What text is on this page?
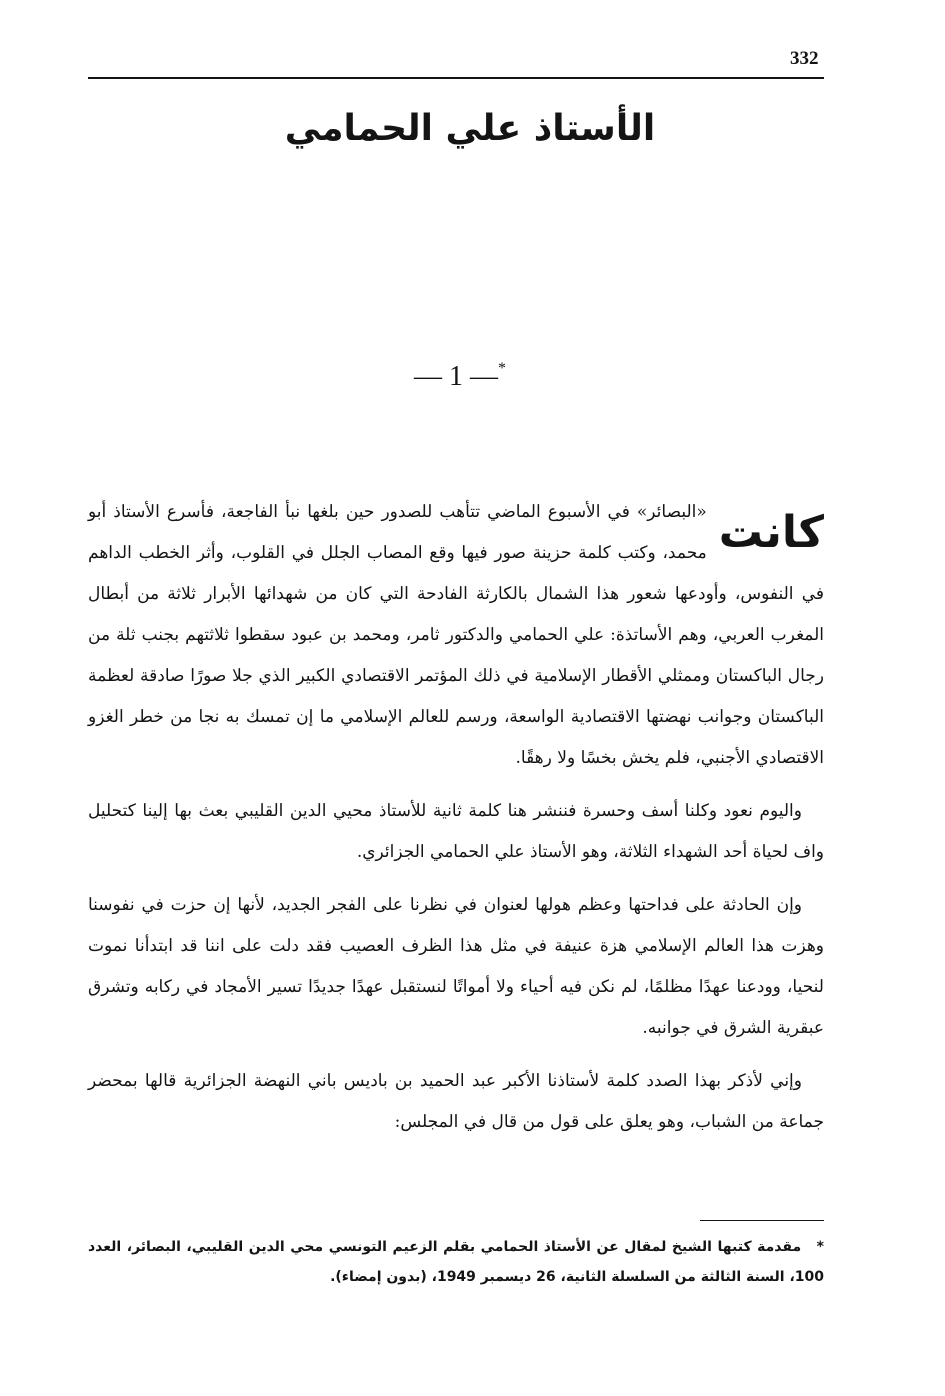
332
الأستاذ علي الحمامي
— 1 —*

كانت
«البصائر» في الأسبوع الماضي تتأهب للصدور حين بلغها نبأ الفاجعة، فأسرع الأستاذ أبو محمد، وكتب كلمة حزينة صور فيها وقع المصاب الجلل في القلوب، وأثر الخطب الداهم في النفوس، وأودعها شعور هذا الشمال بالكارثة الفادحة التي كان من شهدائها الأبرار ثلاثة من أبطال المغرب العربي، وهم الأساتذة: علي الحمامي والدكتور ثامر، ومحمد بن عبود سقطوا ثلاثتهم بجنب ثلة من رجال الباكستان وممثلي الأقطار الإسلامية في ذلك المؤتمر الاقتصادي الكبير الذي جلا صورًا صادقة لعظمة الباكستان وجوانب نهضتها الاقتصادية الواسعة، ورسم للعالم الإسلامي ما إن تمسك به نجا من خطر الغزو الاقتصادي الأجنبي، فلم يخش بخسًا ولا رهقًا.

واليوم نعود وكلنا أسف وحسرة فننشر هنا كلمة ثانية للأستاذ محيي الدين القليبي بعث بها إلينا كتحليل واف لحياة أحد الشهداء الثلاثة، وهو الأستاذ علي الحمامي الجزائري.

وإن الحادثة على فداحتها وعظم هولها لعنوان في نظرنا على الفجر الجديد، لأنها إن حزت في نفوسنا وهزت هذا العالم الإسلامي هزة عنيفة في مثل هذا الظرف العصيب فقد دلت على اننا قد ابتدأنا نموت لنحيا، وودعنا عهدًا مظلمًا، لم نكن فيه أحياء ولا أمواتًا لنستقبل عهدًا جديدًا تسير الأمجاد في ركابه وتشرق عبقرية الشرق في جوانبه.

وإني لأذكر بهذا الصدد كلمة لأستاذنا الأكبر عبد الحميد بن باديس باني النهضة الجزائرية قالها بمحضر جماعة من الشباب، وهو يعلق على قول من قال في المجلس:

* مقدمة كتبها الشيخ لمقال عن الأستاذ الحمامي بقلم الزعيم التونسي محي الدين القليبي، البصائر، العدد 100، السنة الثالثة من السلسلة الثانية، 26 ديسمبر 1949، (بدون إمضاء).
